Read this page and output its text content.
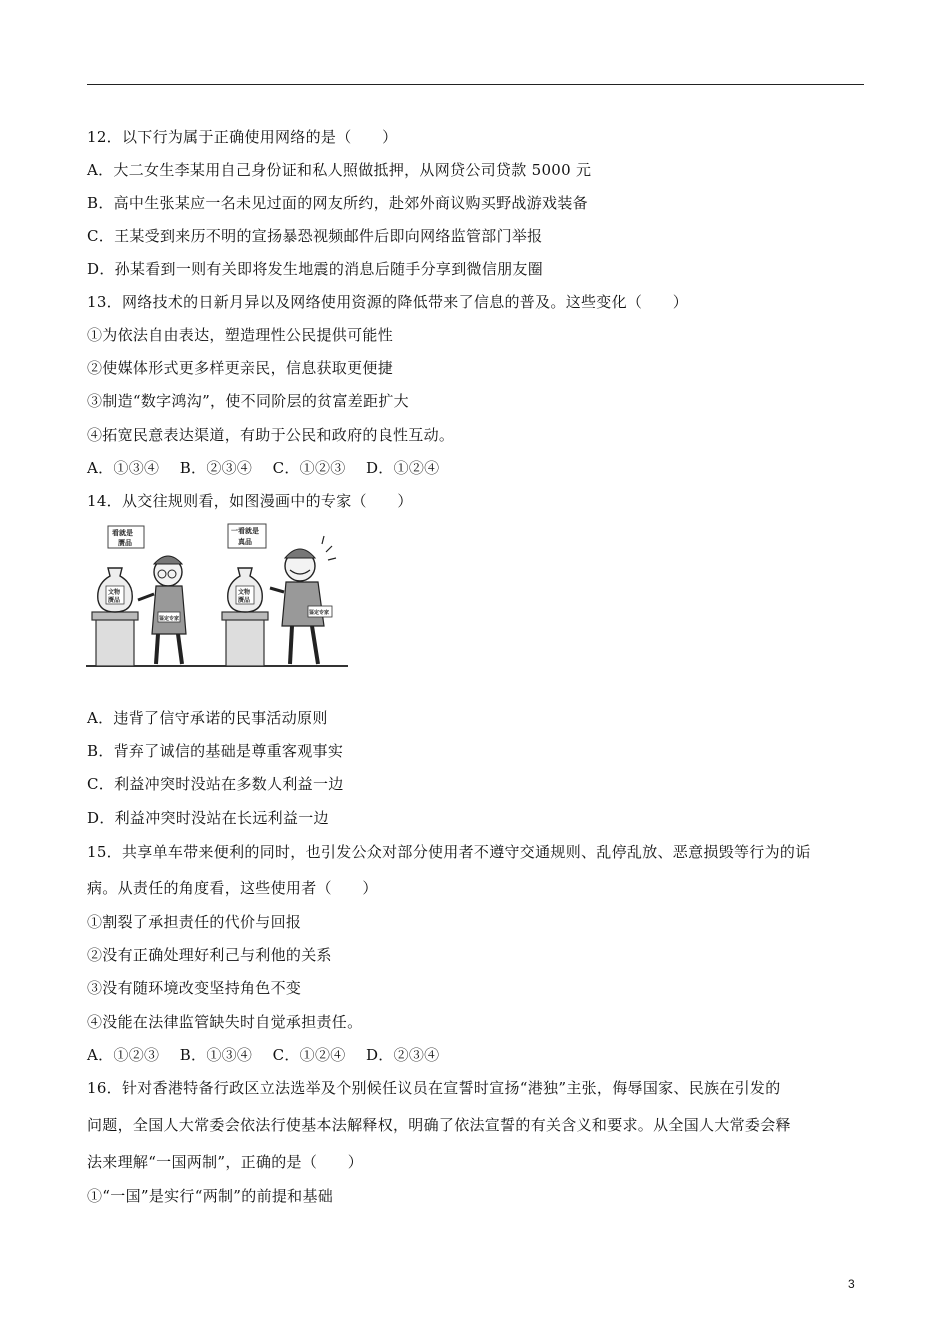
12．以下行为属于正确使用网络的是（　　）
A．大二女生李某用自己身份证和私人照做抵押，从网贷公司贷款 5000 元
B．高中生张某应一名未见过面的网友所约，赴郊外商议购买野战游戏装备
C．王某受到来历不明的宣扬暴恐视频邮件后即向网络监管部门举报
D．孙某看到一则有关即将发生地震的消息后随手分享到微信朋友圈
13．网络技术的日新月异以及网络使用资源的降低带来了信息的普及。这些变化（　　）
①为依法自由表达，塑造理性公民提供可能性
②使媒体形式更多样更亲民，信息获取更便捷
③制造“数字鸿沟”，使不同阶层的贫富差距扩大
④拓宽民意表达渠道，有助于公民和政府的良性互动。
A．①③④　 B．②③④　 C．①②③　 D．①②④
14．从交往规则看，如图漫画中的专家（　　）
看就是
赝品
一看就是
真品
文物
赝品
鉴定专家
文物
赝品
鉴定专家
A．违背了信守承诺的民事活动原则
B．背弃了诚信的基础是尊重客观事实
C．利益冲突时没站在多数人利益一边
D．利益冲突时没站在长远利益一边
15．共享单车带来便利的同时，也引发公众对部分使用者不遵守交通规则、乱停乱放、恶意损毁等行为的诟
病。从责任的角度看，这些使用者（　　）
①割裂了承担责任的代价与回报
②没有正确处理好利己与利他的关系
③没有随环境改变坚持角色不变
④没能在法律监管缺失时自觉承担责任。
A．①②③　 B．①③④　 C．①②④　 D．②③④
16．针对香港特备行政区立法选举及个别候任议员在宣誓时宣扬“港独”主张，侮辱国家、民族在引发的
问题，全国人大常委会依法行使基本法解释权，明确了依法宣誓的有关含义和要求。从全国人大常委会释
法来理解“一国两制”，正确的是（　　）
①“一国”是实行“两制”的前提和基础
3
